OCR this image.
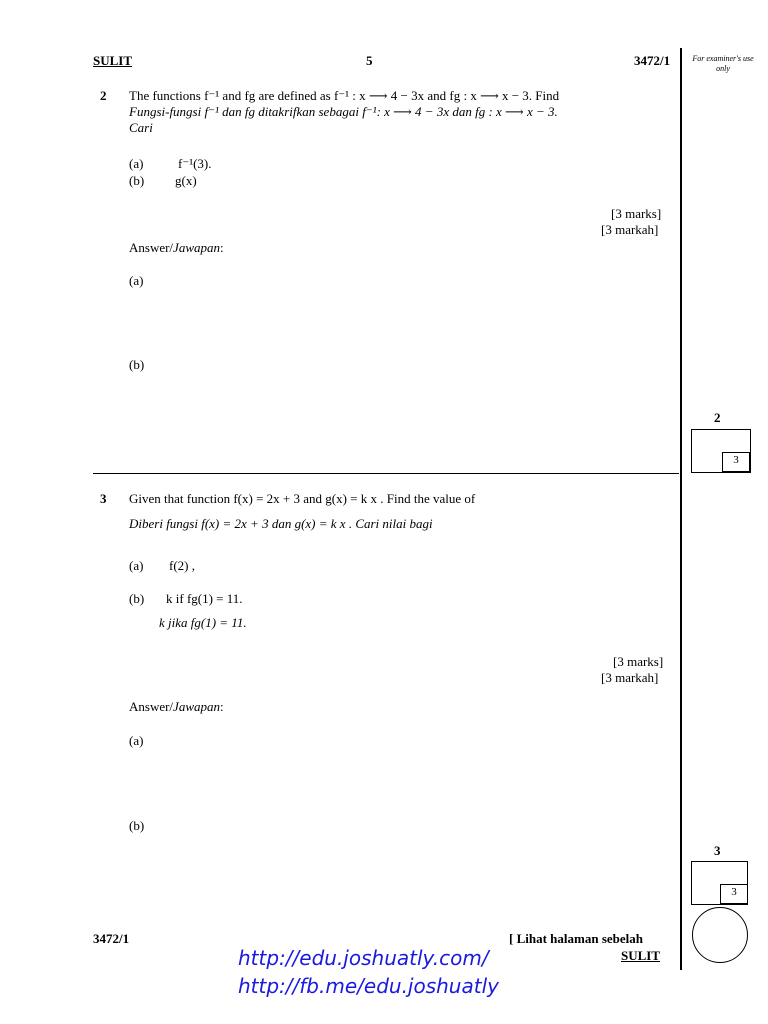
SULIT	5	3472/1	For examiner's use only
2 The functions f⁻¹ and fg are defined as f⁻¹ : x ⟶ 4 − 3x and fg : x ⟶ x − 3. Find
Fungsi-fungsi f⁻¹ dan fg ditakrifkan sebagai f⁻¹: x ⟶ 4 − 3x dan fg : x ⟶ x − 3.
Cari
(a)	f⁻¹(3).
(b) g(x)
[3 marks]
[3 markah]
Answer/Jawapan:
(a)
(b)
2
3
3 Given that function f(x) = 2x + 3 and g(x) = k x . Find the value of
Diberi fungsi f(x) = 2x + 3 dan g(x) = k x . Cari nilai bagi
(a) f(2) ,
(b) k if fg(1) = 11.
k jika fg(1) = 11.
[3 marks]
[3 markah]
Answer/Jawapan:
(a)
(b)
3
3
3472/1	[ Lihat halaman sebelah
SULIT
http://edu.joshuatly.com/
http://fb.me/edu.joshuatly
